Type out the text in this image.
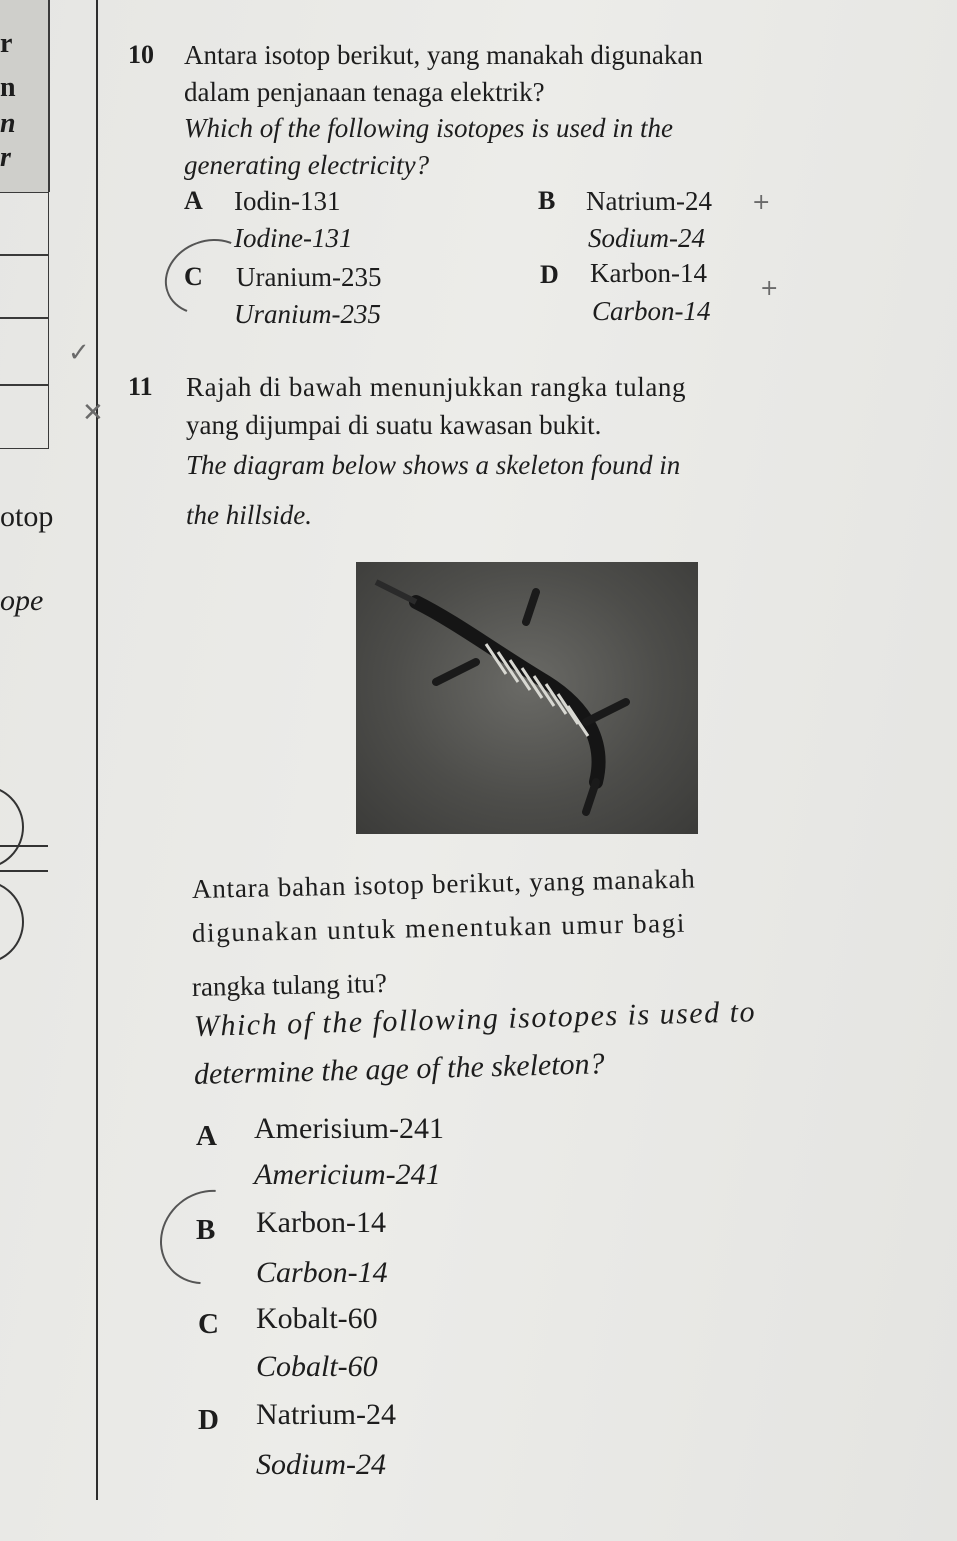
r
n
n
r
otop
ope
10 Antara isotop berikut, yang manakah digunakan
dalam penjanaan tenaga elektrik?
Which of the following isotopes is used in the
generating electricity?
A Iodin-131
Iodine-131
B Natrium-24
Sodium-24
+
C Uranium-235
Uranium-235
D Karbon-14
Carbon-14
+
✓
✕
11 Rajah di bawah menunjukkan rangka tulang
yang dijumpai di suatu kawasan bukit.
The diagram below shows a skeleton found in
the hillside.
Antara bahan isotop berikut, yang manakah
digunakan untuk menentukan umur bagi
rangka tulang itu?
Which of the following isotopes is used to
determine the age of the skeleton?
A Amerisium-241
Americium-241
B Karbon-14
Carbon-14
C Kobalt-60
Cobalt-60
D Natrium-24
Sodium-24
